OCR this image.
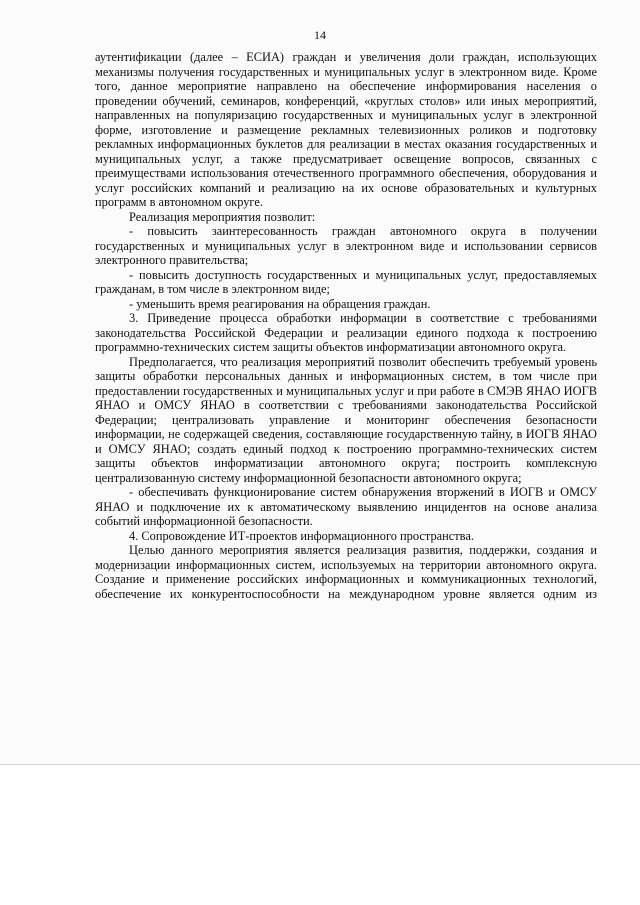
14

аутентификации (далее – ЕСИА) граждан и увеличения доли граждан, использующих механизмы получения государственных и муниципальных услуг в электронном виде. Кроме того, данное мероприятие направлено на обеспечение информирования населения о проведении обучений, семинаров, конференций, «круглых столов» или иных мероприятий, направленных на популяризацию государственных и муниципальных услуг в электронной форме, изготовление и размещение рекламных телевизионных роликов и подготовку рекламных информационных буклетов для реализации в местах оказания государственных и муниципальных услуг, а также предусматривает освещение вопросов, связанных с преимуществами использования отечественного программного обеспечения, оборудования и услуг российских компаний и реализацию на их основе образовательных и культурных программ в автономном округе.

Реализация мероприятия позволит:

- повысить заинтересованность граждан автономного округа в получении государственных и муниципальных услуг в электронном виде и использовании сервисов электронного правительства;

- повысить доступность государственных и муниципальных услуг, предоставляемых гражданам, в том числе в электронном виде;

- уменьшить время реагирования на обращения граждан.

3. Приведение процесса обработки информации в соответствие с требованиями законодательства Российской Федерации и реализации единого подхода к построению программно-технических систем защиты объектов информатизации автономного округа.

Предполагается, что реализация мероприятий позволит обеспечить требуемый уровень защиты обработки персональных данных и информационных систем, в том числе при предоставлении государственных и муниципальных услуг и при работе в СМЭВ ЯНАО ИОГВ ЯНАО и ОМСУ ЯНАО в соответствии с требованиями законодательства Российской Федерации; централизовать управление и мониторинг обеспечения безопасности информации, не содержащей сведения, составляющие государственную тайну, в ИОГВ ЯНАО и ОМСУ ЯНАО; создать единый подход к построению программно-технических систем защиты объектов информатизации автономного округа; построить комплексную централизованную систему информационной безопасности автономного округа;

- обеспечивать функционирование систем обнаружения вторжений в ИОГВ и ОМСУ ЯНАО и подключение их к автоматическому выявлению инцидентов на основе анализа событий информационной безопасности.

4. Сопровождение ИТ-проектов информационного пространства.

Целью данного мероприятия является реализация развития, поддержки, создания и модернизации информационных систем, используемых на территории автономного округа. Создание и применение российских информационных и коммуникационных технологий, обеспечение их конкурентоспособности на международном уровне является одним из
